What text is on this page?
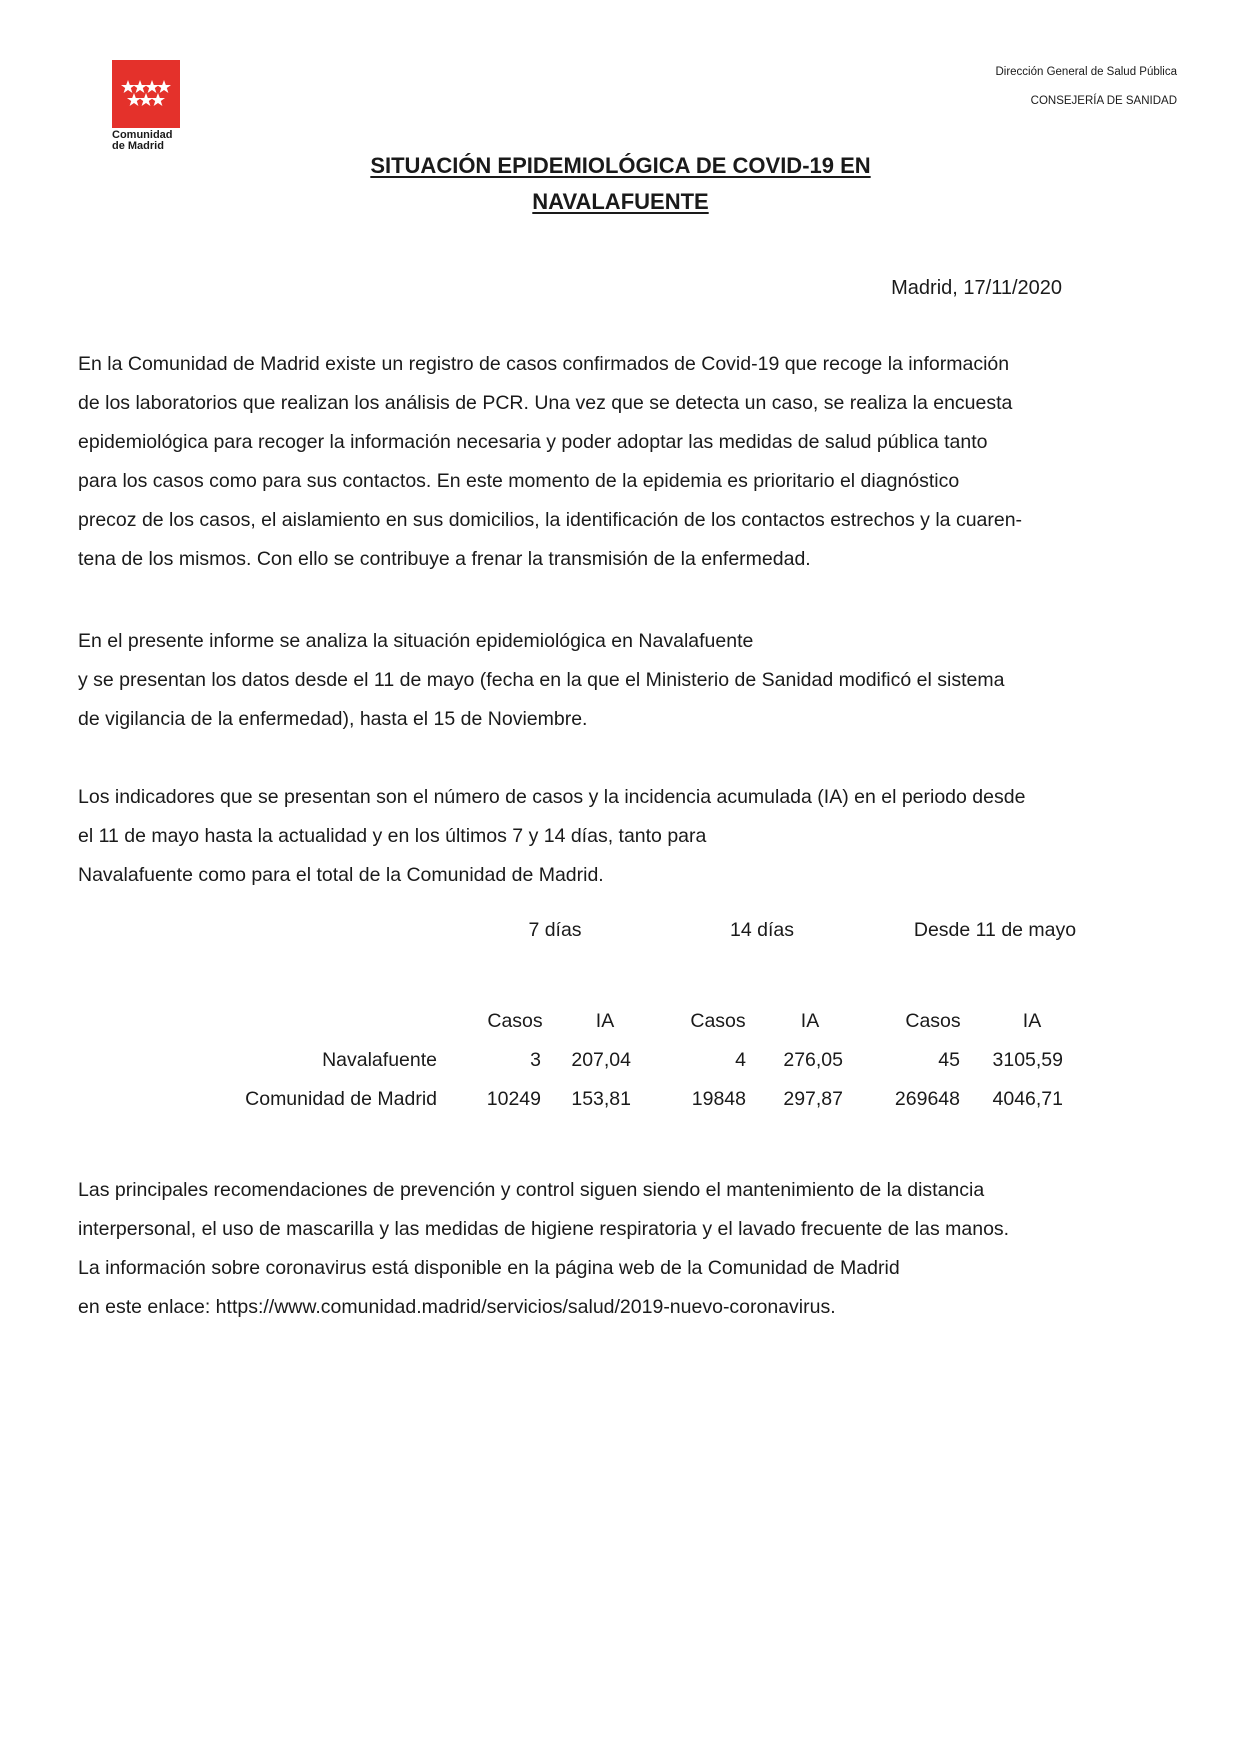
Comunidad
de Madrid
Dirección General de Salud Pública
CONSEJERÍA DE SANIDAD
SITUACIÓN EPIDEMIOLÓGICA DE COVID-19 EN
NAVALAFUENTE
Madrid, 17/11/2020
En la Comunidad de Madrid existe un registro de casos confirmados de Covid-19 que recoge la información
de los laboratorios que realizan los análisis de PCR. Una vez que se detecta un caso, se realiza la encuesta
epidemiológica para recoger la información necesaria y poder adoptar las medidas de salud pública tanto
para los casos como para sus contactos. En este momento de la epidemia es prioritario el diagnóstico
precoz de los casos, el aislamiento en sus domicilios, la identificación de los contactos estrechos y la cuaren-
tena de los mismos. Con ello se contribuye a frenar la transmisión de la enfermedad.
En el presente informe se analiza la situación epidemiológica en Navalafuente
y se presentan los datos desde el 11 de mayo (fecha en la que el Ministerio de Sanidad modificó el sistema
de vigilancia de la enfermedad), hasta el 15 de Noviembre.
Los indicadores que se presentan son el número de casos y la incidencia acumulada (IA) en el periodo desde
el 11 de mayo hasta la actualidad y en los últimos 7 y 14 días, tanto para
Navalafuente como para el total de la Comunidad de Madrid.
7 días	14 días	Desde 11 de mayo
Casos	IA	Casos	IA	Casos	IA
Navalafuente	3	207,04	4	276,05	45	3105,59
Comunidad de Madrid	10249	153,81	19848	297,87	269648	4046,71
Las principales recomendaciones de prevención y control siguen siendo el mantenimiento de la distancia
interpersonal, el uso de mascarilla y las medidas de higiene respiratoria y el lavado frecuente de las manos.
La información sobre coronavirus está disponible en la página web de la Comunidad de Madrid
en este enlace: https://www.comunidad.madrid/servicios/salud/2019-nuevo-coronavirus.
